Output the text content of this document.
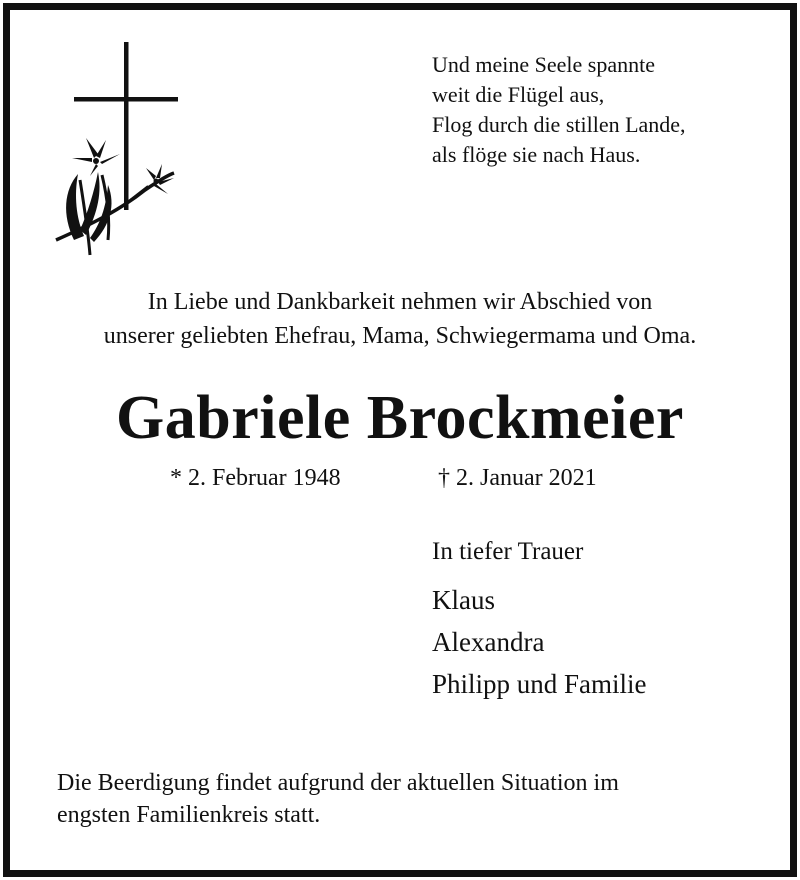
Und meine Seele spannte
weit die Flügel aus,
Flog durch die stillen Lande,
als flöge sie nach Haus.
In Liebe und Dankbarkeit nehmen wir Abschied von
unserer geliebten Ehefrau, Mama, Schwiegermama und Oma.
Gabriele Brockmeier
* 2. Februar 1948	† 2. Januar 2021
In tiefer Trauer
Klaus
Alexandra
Philipp und Familie
Die Beerdigung findet aufgrund der aktuellen Situation im
engsten Familienkreis statt.
